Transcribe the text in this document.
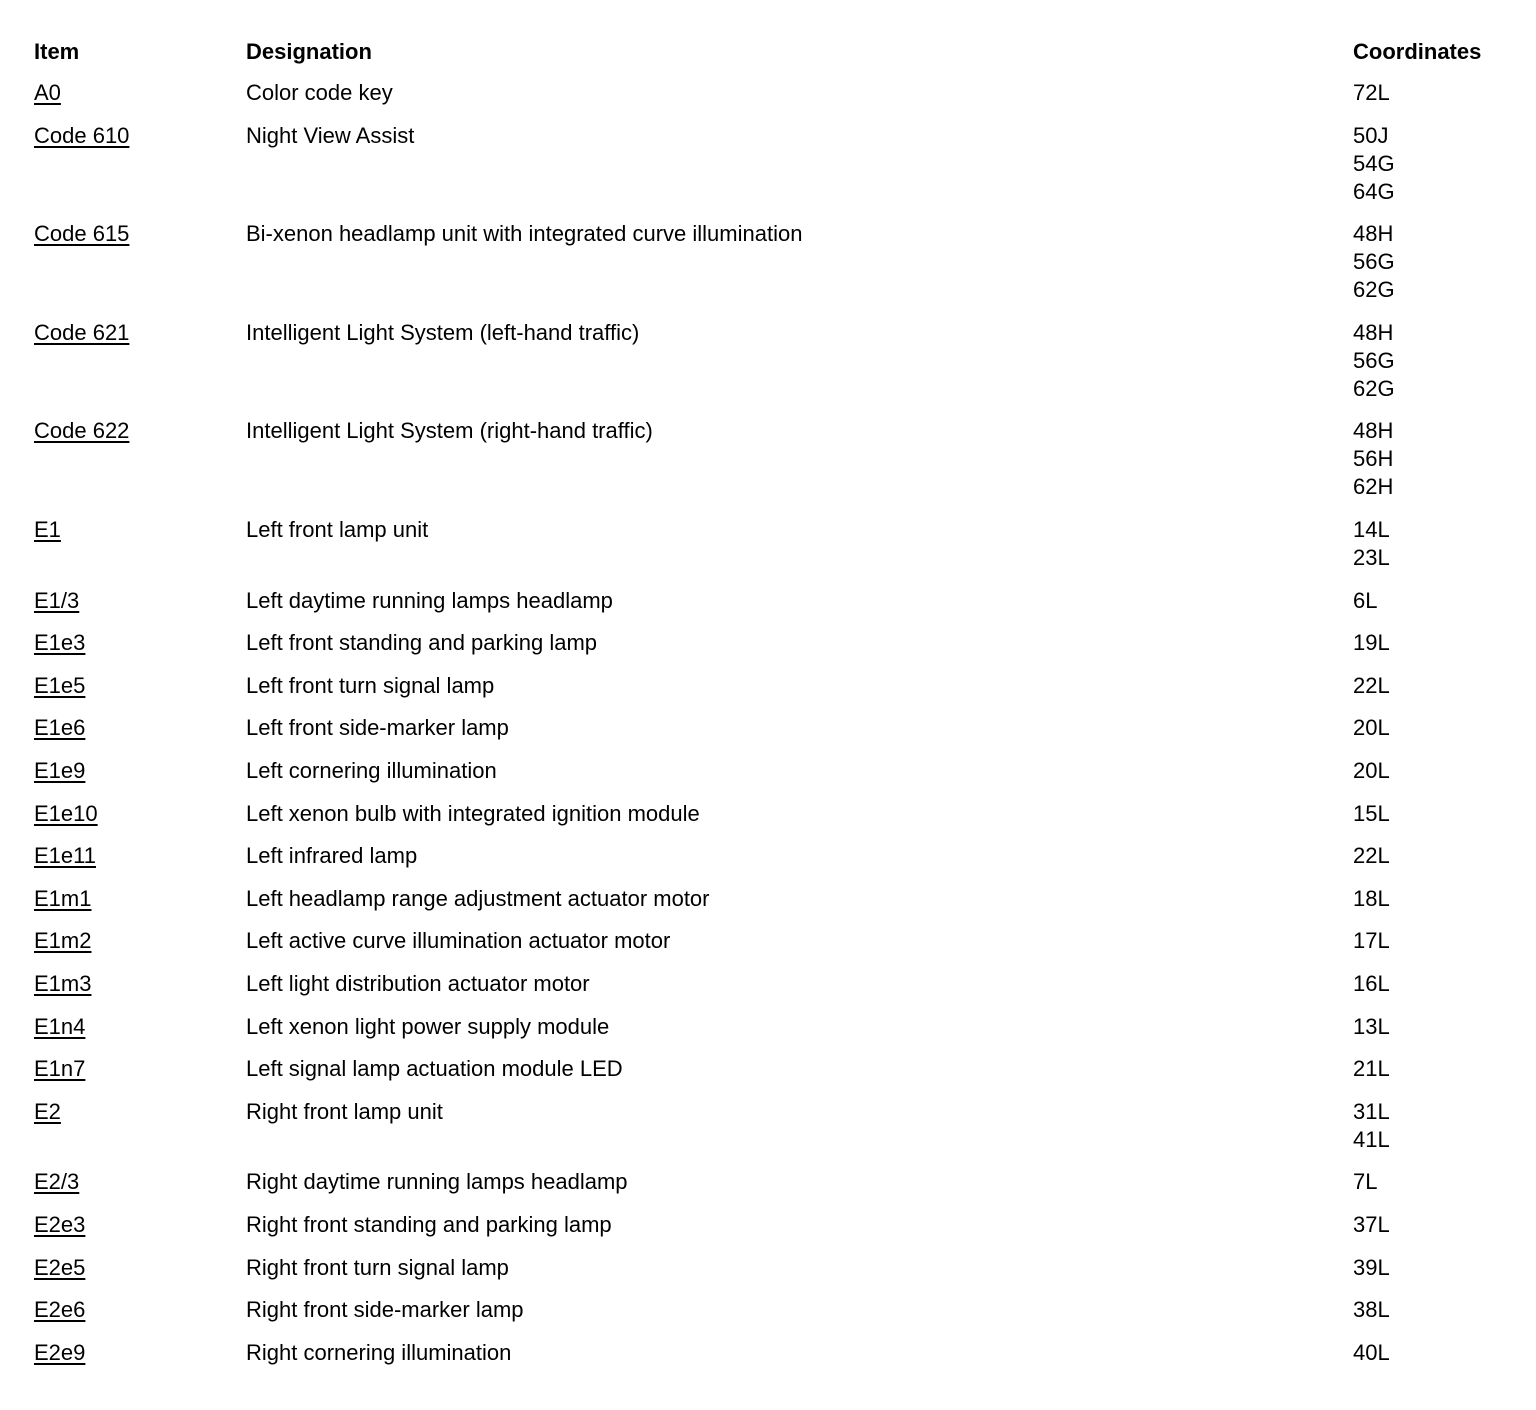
Item	Designation	Coordinates
A0	Color code key	72L
Code 610	Night View Assist	50J
54G
64G
Code 615	Bi-xenon headlamp unit with integrated curve illumination	48H
56G
62G
Code 621	Intelligent Light System (left-hand traffic)	48H
56G
62G
Code 622	Intelligent Light System (right-hand traffic)	48H
56H
62H
E1	Left front lamp unit	14L
23L
E1/3	Left daytime running lamps headlamp	6L
E1e3	Left front standing and parking lamp	19L
E1e5	Left front turn signal lamp	22L
E1e6	Left front side-marker lamp	20L
E1e9	Left cornering illumination	20L
E1e10	Left xenon bulb with integrated ignition module	15L
E1e11	Left infrared lamp	22L
E1m1	Left headlamp range adjustment actuator motor	18L
E1m2	Left active curve illumination actuator motor	17L
E1m3	Left light distribution actuator motor	16L
E1n4	Left xenon light power supply module	13L
E1n7	Left signal lamp actuation module LED	21L
E2	Right front lamp unit	31L
41L
E2/3	Right daytime running lamps headlamp	7L
E2e3	Right front standing and parking lamp	37L
E2e5	Right front turn signal lamp	39L
E2e6	Right front side-marker lamp	38L
E2e9	Right cornering illumination	40L
